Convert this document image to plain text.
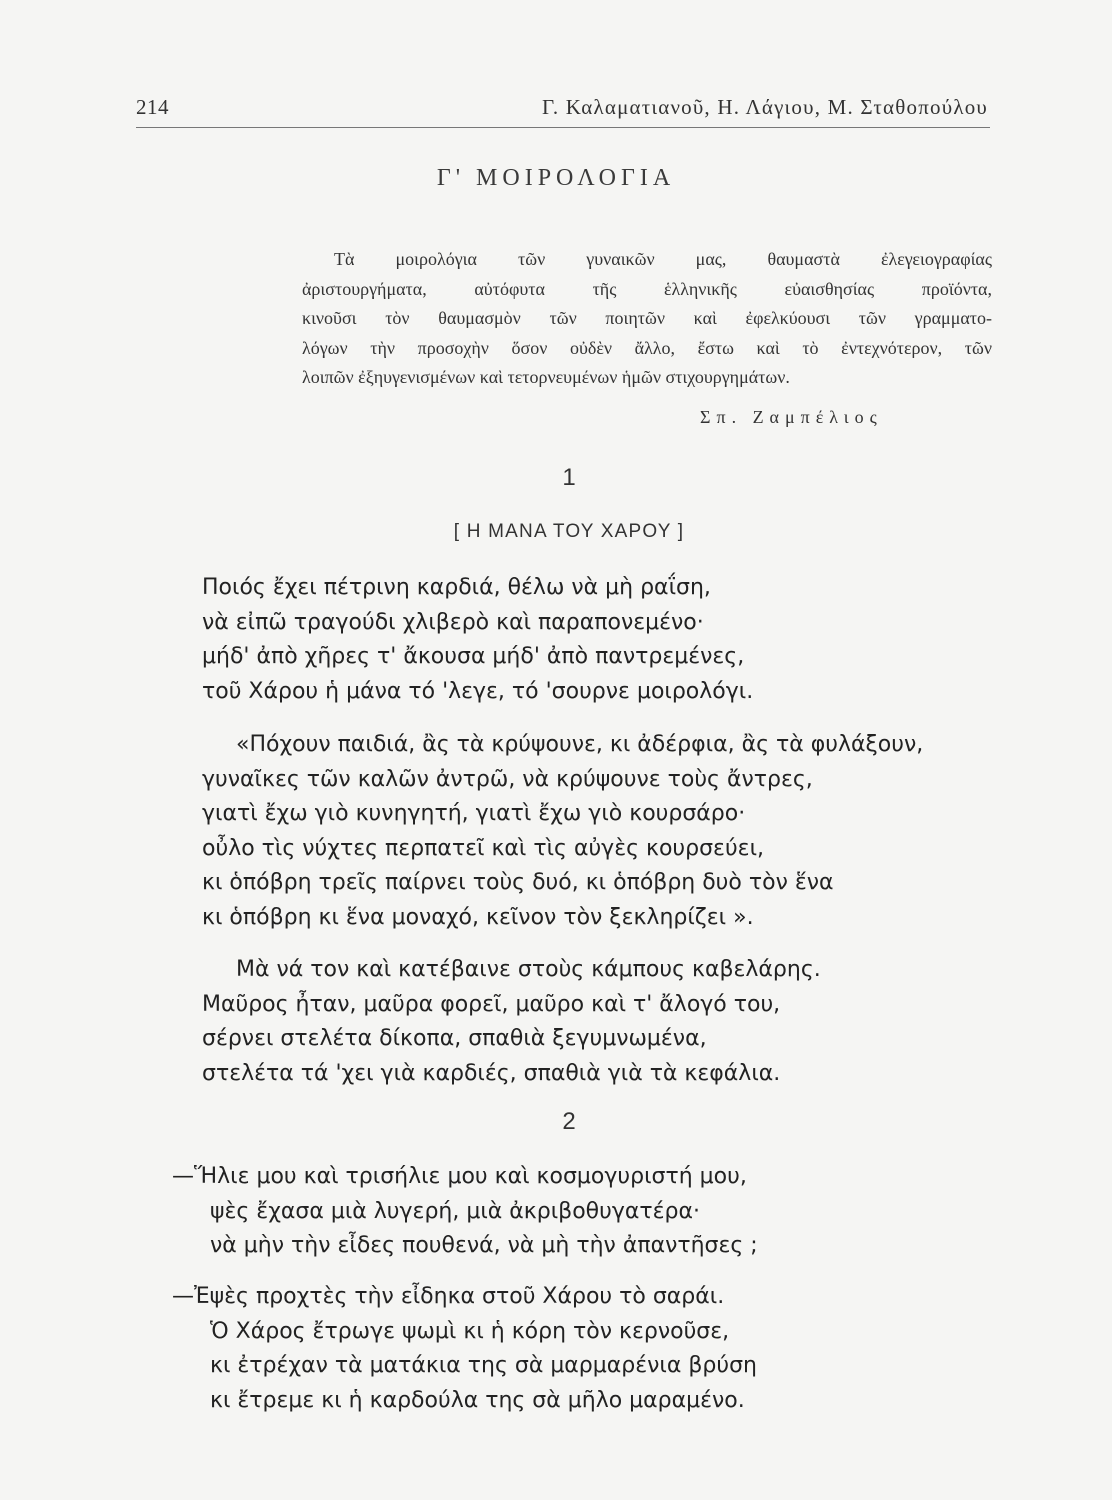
214	Γ. Καλαματιανοῦ, Η. Λάγιου, Μ. Σταθοπούλου
Γ' ΜΟΙΡΟΛΟΓΙΑ
Τὰ μοιρολόγια τῶν γυναικῶν μας, θαυμαστὰ ἐλεγειογραφίας
ἀριστουργήματα, αὐτόφυτα τῆς ἑλληνικῆς εὐαισθησίας προϊόντα,
κινοῦσι τὸν θαυμασμὸν τῶν ποιητῶν καὶ ἐφελκύουσι τῶν γραμματο-
λόγων τὴν προσοχὴν ὅσον οὐδὲν ἄλλο, ἔστω καὶ τὸ ἐντεχνότερον, τῶν
λοιπῶν ἐξηυγενισμένων καὶ τετορνευμένων ἡμῶν στιχουργημάτων.
Σπ. Ζαμπέλιος
1
[ Η ΜΑΝΑ ΤΟΥ ΧΑΡΟΥ ]
Ποιός ἔχει πέτρινη καρδιά, θέλω νὰ μὴ ραΐση,
νὰ εἰπῶ τραγούδι χλιβερὸ καὶ παραπονεμένο·
μήδ' ἀπὸ χῆρες τ' ἄκουσα μήδ' ἀπὸ παντρεμένες,
τοῦ Χάρου ἡ μάνα τό 'λεγε, τό 'σουρνε μοιρολόγι.
«Πόχουν παιδιά, ἂς τὰ κρύψουνε, κι ἀδέρφια, ἂς τὰ φυλάξουν,
γυναῖκες τῶν καλῶν ἀντρῶ, νὰ κρύψουνε τοὺς ἄντρες,
γιατὶ ἔχω γιὸ κυνηγητή, γιατὶ ἔχω γιὸ κουρσάρο·
οὖλο τὶς νύχτες περπατεῖ καὶ τὶς αὐγὲς κουρσεύει,
κι ὁπόβρη τρεῖς παίρνει τοὺς δυό, κι ὁπόβρη δυὸ τὸν ἕνα
κι ὁπόβρη κι ἕνα μοναχό, κεῖνον τὸν ξεκληρίζει ».
Μὰ νά τον καὶ κατέβαινε στοὺς κάμπους καβελάρης.
Μαῦρος ἦταν, μαῦρα φορεῖ, μαῦρο καὶ τ' ἄλογό του,
σέρνει στελέτα δίκοπα, σπαθιὰ ξεγυμνωμένα,
στελέτα τά 'χει γιὰ καρδιές, σπαθιὰ γιὰ τὰ κεφάλια.
2
—Ἥλιε μου καὶ τρισήλιε μου καὶ κοσμογυριστή μου,
ψὲς ἔχασα μιὰ λυγερή, μιὰ ἀκριβοθυγατέρα·
νὰ μὴν τὴν εἶδες πουθενά, νὰ μὴ τὴν ἀπαντῆσες ;
—Ἐψὲς προχτὲς τὴν εἶδηκα στοῦ Χάρου τὸ σαράι.
Ὁ Χάρος ἔτρωγε ψωμὶ κι ἡ κόρη τὸν κερνοῦσε,
κι ἐτρέχαν τὰ ματάκια της σὰ μαρμαρένια βρύση
κι ἔτρεμε κι ἡ καρδούλα της σὰ μῆλο μαραμένο.
